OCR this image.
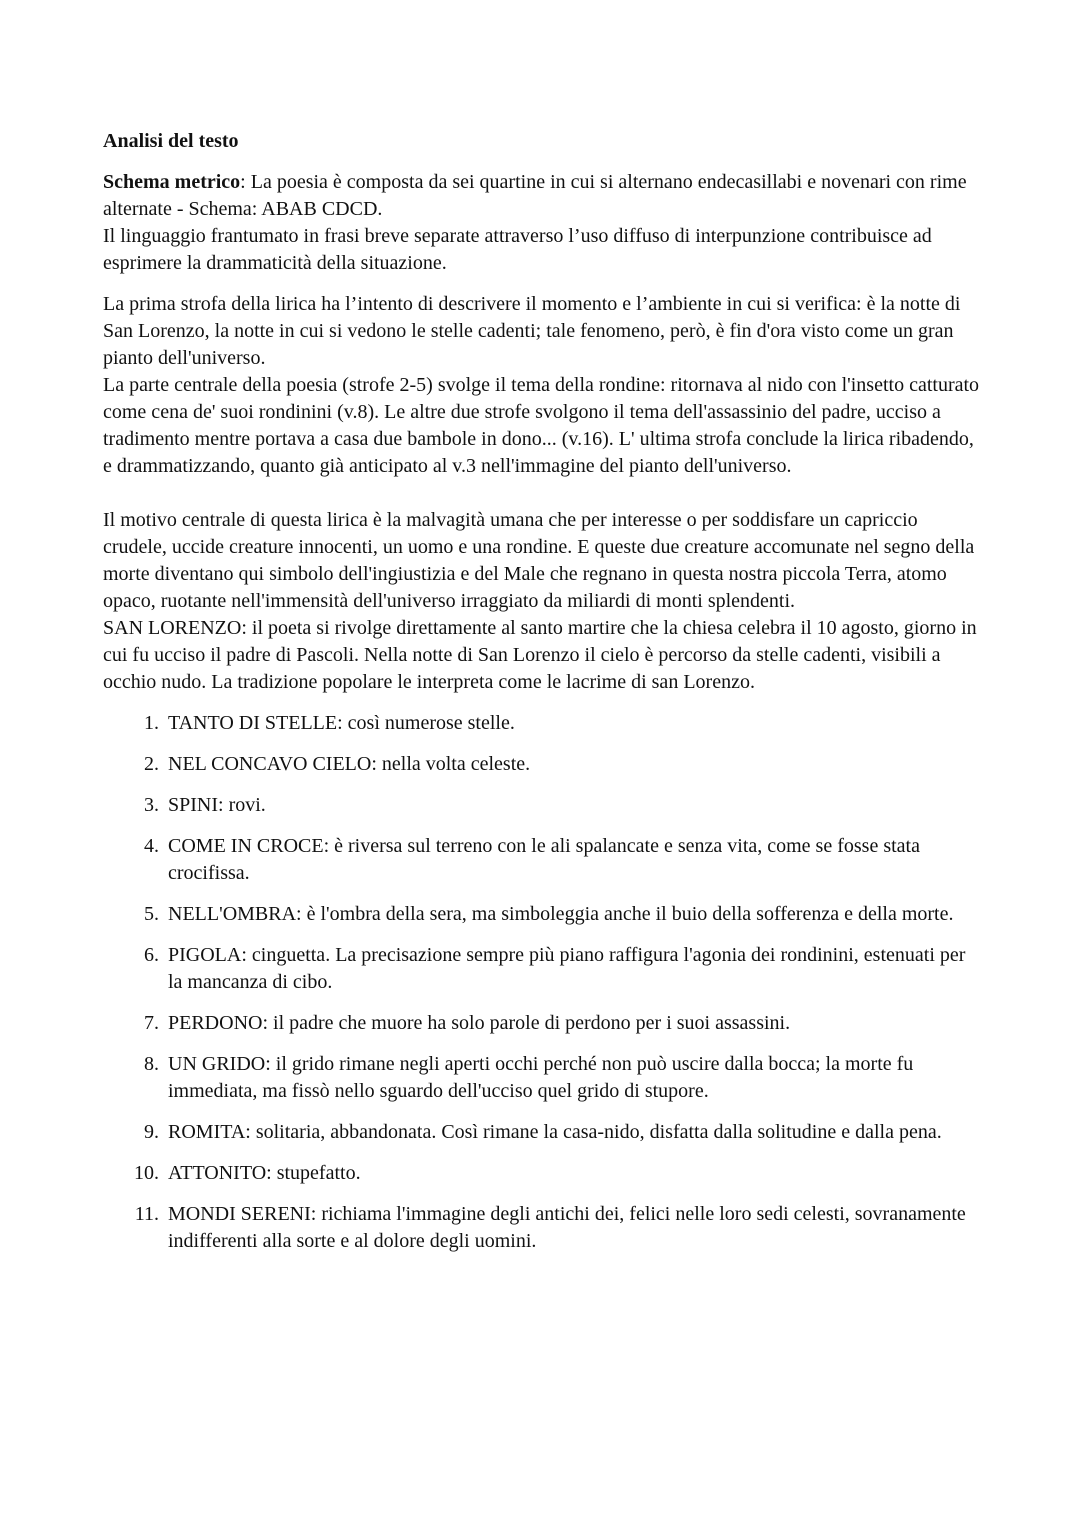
Analisi del testo

Schema metrico: La poesia è composta da sei quartine in cui si alternano endecasillabi e novenari con rime alternate - Schema: ABAB CDCD.

Il linguaggio frantumato in frasi breve separate attraverso l’uso diffuso di interpunzione contribuisce ad esprimere la drammaticità della situazione.

La prima strofa della lirica ha l’intento di descrivere il momento e l’ambiente in cui si verifica: è la notte di San Lorenzo, la notte in cui si vedono le stelle cadenti; tale fenomeno, però, è fin d'ora visto come un gran pianto dell'universo.

La parte centrale della poesia (strofe 2-5) svolge il tema della rondine: ritornava al nido con l'insetto catturato come cena de' suoi rondinini (v.8). Le altre due strofe svolgono il tema dell'assassinio del padre, ucciso a tradimento mentre portava a casa due bambole in dono... (v.16). L' ultima strofa conclude la lirica ribadendo, e drammatizzando, quanto già anticipato al v.3 nell'immagine del pianto dell'universo.

Il motivo centrale di questa lirica è la malvagità umana che per interesse o per soddisfare un capriccio crudele, uccide creature innocenti, un uomo e una rondine. E queste due creature accomunate nel segno della morte diventano qui simbolo dell'ingiustizia e del Male che regnano in questa nostra piccola Terra, atomo opaco, ruotante nell'immensità dell'universo irraggiato da miliardi di monti splendenti.

SAN LORENZO: il poeta si rivolge direttamente al santo martire che la chiesa celebra il 10 agosto, giorno in cui fu ucciso il padre di Pascoli. Nella notte di San Lorenzo il cielo è percorso da stelle cadenti, visibili a occhio nudo. La tradizione popolare le interpreta come le lacrime di san Lorenzo.

1. TANTO DI STELLE: così numerose stelle.
2. NEL CONCAVO CIELO: nella volta celeste.
3. SPINI: rovi.
4. COME IN CROCE: è riversa sul terreno con le ali spalancate e senza vita, come se fosse stata crocifissa.
5. NELL'OMBRA: è l'ombra della sera, ma simboleggia anche il buio della sofferenza e della morte.
6. PIGOLA: cinguetta. La precisazione sempre più piano raffigura l'agonia dei rondinini, estenuati per la mancanza di cibo.
7. PERDONO: il padre che muore ha solo parole di perdono per i suoi assassini.
8. UN GRIDO: il grido rimane negli aperti occhi perché non può uscire dalla bocca; la morte fu immediata, ma fissò nello sguardo dell'ucciso quel grido di stupore.
9. ROMITA: solitaria, abbandonata. Così rimane la casa-nido, disfatta dalla solitudine e dalla pena.
10. ATTONITO: stupefatto.
11. MONDI SERENI: richiama l'immagine degli antichi dei, felici nelle loro sedi celesti, sovranamente indifferenti alla sorte e al dolore degli uomini.
